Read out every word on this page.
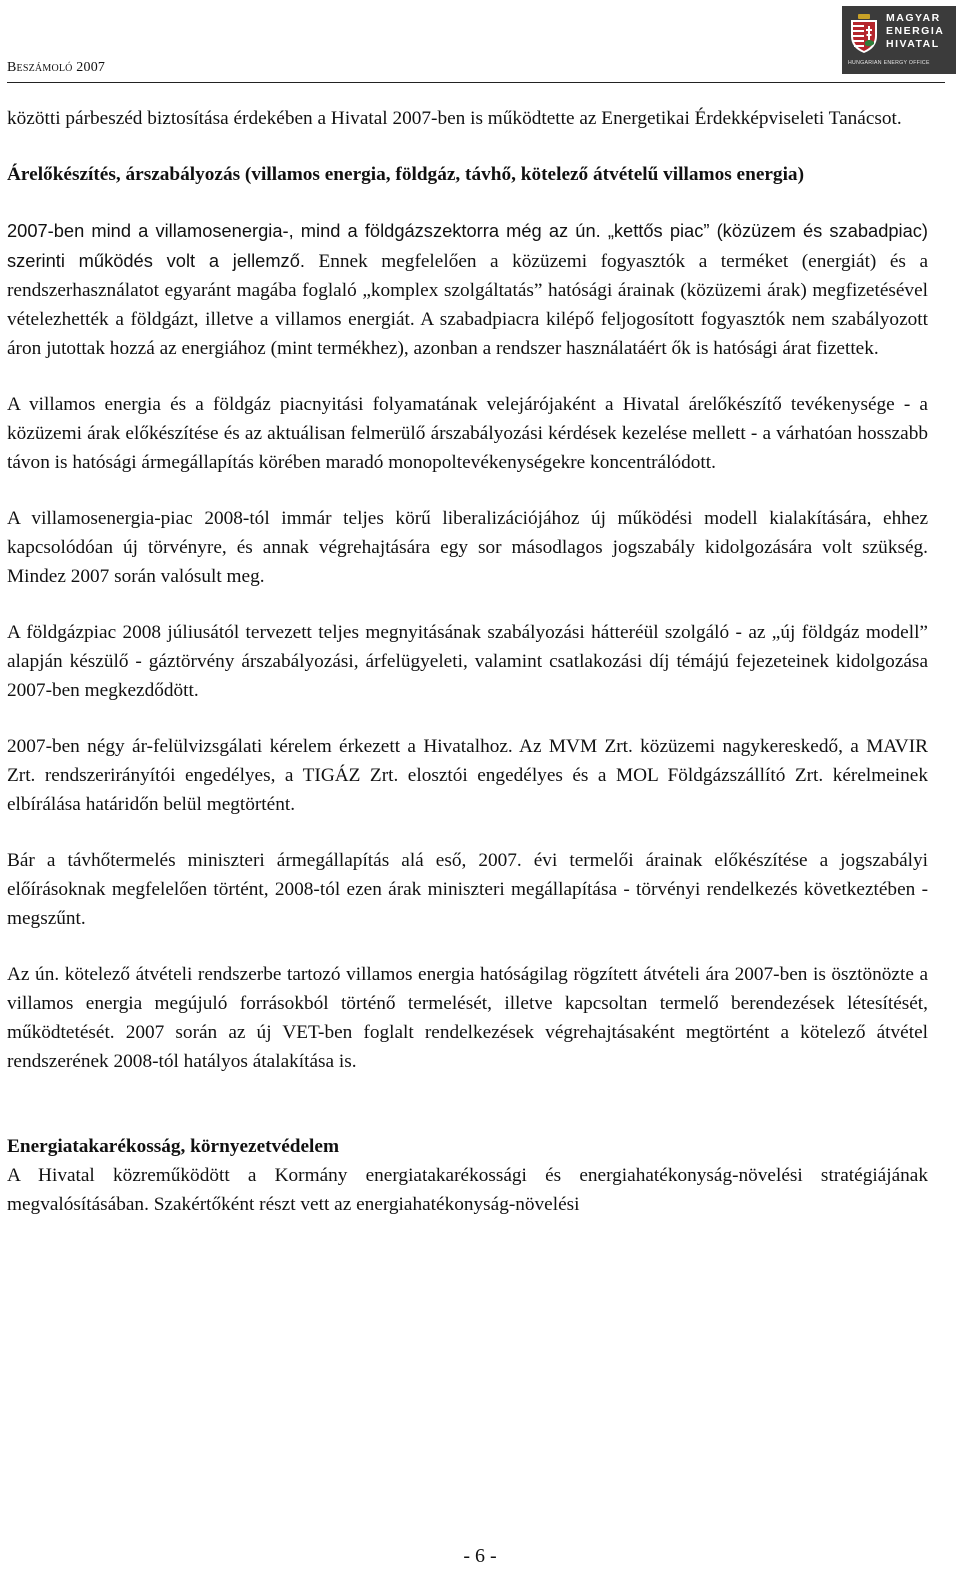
Beszámoló 2007
MAGYAR
ENERGIA
HIVATAL
HUNGARIAN ENERGY OFFICE

közötti párbeszéd biztosítása érdekében a Hivatal 2007-ben is működtette az Energetikai Érdekképviseleti Tanácsot.

Árelőkészítés, árszabályozás (villamos energia, földgáz, távhő, kötelező átvételű villamos energia)

2007-ben mind a villamosenergia-, mind a földgázszektorra még az ún. „kettős piac” (közüzem és szabadpiac) szerinti működés volt a jellemző. Ennek megfelelően a közüzemi fogyasztók a terméket (energiát) és a rendszerhasználatot egyaránt magába foglaló „komplex szolgáltatás” hatósági árainak (közüzemi árak) megfizetésével vételezhették a földgázt, illetve a villamos energiát. A szabadpiacra kilépő feljogosított fogyasztók nem szabályozott áron jutottak hozzá az energiához (mint termékhez), azonban a rendszer használatáért ők is hatósági árat fizettek.

A villamos energia és a földgáz piacnyitási folyamatának velejárójaként a Hivatal árelőkészítő tevékenysége - a közüzemi árak előkészítése és az aktuálisan felmerülő árszabályozási kérdések kezelése mellett - a várhatóan hosszabb távon is hatósági ármegállapítás körében maradó monopoltevékenységekre koncentrálódott.

A villamosenergia-piac 2008-tól immár teljes körű liberalizációjához új működési modell kialakítására, ehhez kapcsolódóan új törvényre, és annak végrehajtására egy sor másodlagos jogszabály kidolgozására volt szükség. Mindez 2007 során valósult meg.

A földgázpiac 2008 júliusától tervezett teljes megnyitásának szabályozási hátteréül szolgáló - az „új földgáz modell” alapján készülő - gáztörvény árszabályozási, árfelügyeleti, valamint csatlakozási díj témájú fejezeteinek kidolgozása 2007-ben megkezdődött.

2007-ben négy ár-felülvizsgálati kérelem érkezett a Hivatalhoz. Az MVM Zrt. közüzemi nagykereskedő, a MAVIR Zrt. rendszerirányítói engedélyes, a TIGÁZ Zrt. elosztói engedélyes és a MOL Földgázszállító Zrt. kérelmeinek elbírálása határidőn belül megtörtént.

Bár a távhőtermelés miniszteri ármegállapítás alá eső, 2007. évi termelői árainak előkészítése a jogszabályi előírásoknak megfelelően történt, 2008-tól ezen árak miniszteri megállapítása - törvényi rendelkezés következtében - megszűnt.

Az ún. kötelező átvételi rendszerbe tartozó villamos energia hatóságilag rögzített átvételi ára 2007-ben is ösztönözte a villamos energia megújuló forrásokból történő termelését, illetve kapcsoltan termelő berendezések létesítését, működtetését. 2007 során az új VET-ben foglalt rendelkezések végrehajtásaként megtörtént a kötelező átvétel rendszerének 2008-tól hatályos átalakítása is.

Energiatakarékosság, környezetvédelem

A Hivatal közreműködött a Kormány energiatakarékossági és energiahatékonyság-növelési stratégiájának megvalósításában. Szakértőként részt vett az energiahatékonyság-növelési

- 6 -
